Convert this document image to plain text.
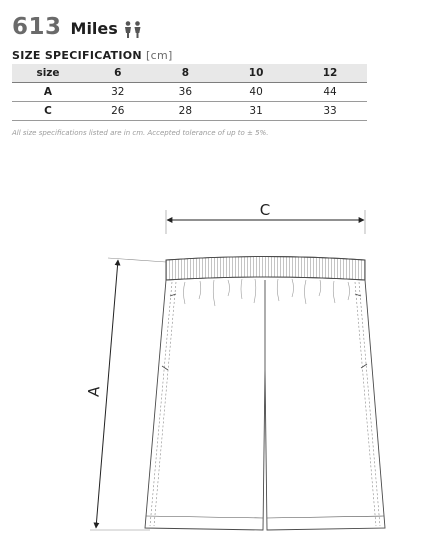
613 Miles
SIZE SPECIFICATION [cm]
size	6	8	10	12
A	32	36	40	44
C	26	28	31	33
All size specifications listed are in cm. Accepted tolerance of up to ± 5%.
C
A
